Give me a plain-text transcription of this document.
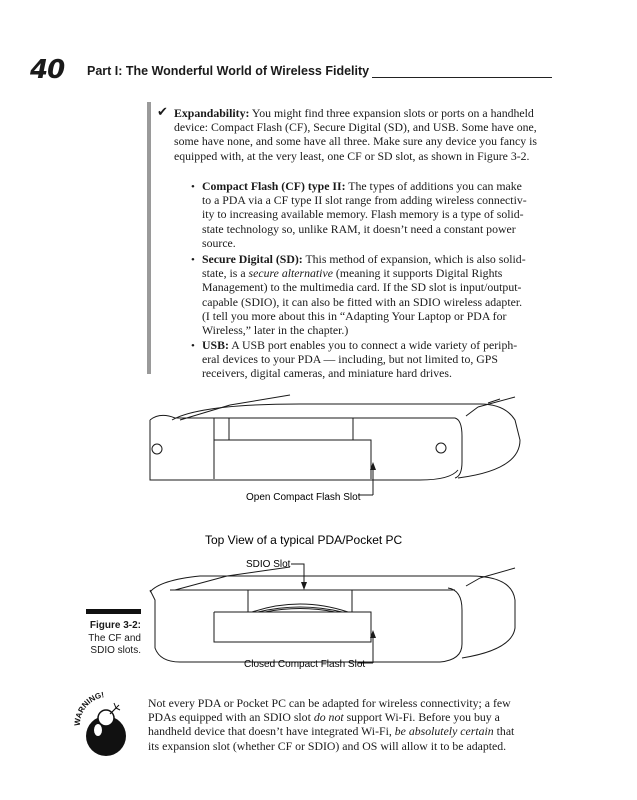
40 Part I: The Wonderful World of Wireless Fidelity
✔ Expandability: You might find three expansion slots or ports on a handheld device: Compact Flash (CF), Secure Digital (SD), and USB. Some have one, some have none, and some have all three. Make sure any device you fancy is equipped with, at the very least, one CF or SD slot, as shown in Figure 3-2.
• Compact Flash (CF) type II: The types of additions you can make
to a PDA via a CF type II slot range from adding wireless connectiv-
ity to increasing available memory. Flash memory is a type of solid-
state technology so, unlike RAM, it doesn’t need a constant power
source.
• Secure Digital (SD): This method of expansion, which is also solid-
state, is a secure alternative (meaning it supports Digital Rights
Management) to the multimedia card. If the SD slot is input/output-
capable (SDIO), it can also be fitted with an SDIO wireless adapter.
(I tell you more about this in “Adapting Your Laptop or PDA for
Wireless,” later in the chapter.)
• USB: A USB port enables you to connect a wide variety of periph-
eral devices to your PDA — including, but not limited to, GPS
receivers, digital cameras, and miniature hard drives.
Open Compact Flash Slot
Top View of a typical PDA/Pocket PC
SDIO Slot
Closed Compact Flash Slot
Figure 3-2:
The CF and
SDIO slots.
WARNING!
Not every PDA or Pocket PC can be adapted for wireless connectivity; a few
PDAs equipped with an SDIO slot do not support Wi-Fi. Before you buy a
handheld device that doesn’t have integrated Wi-Fi, be absolutely certain that
its expansion slot (whether CF or SDIO) and OS will allow it to be adapted.
